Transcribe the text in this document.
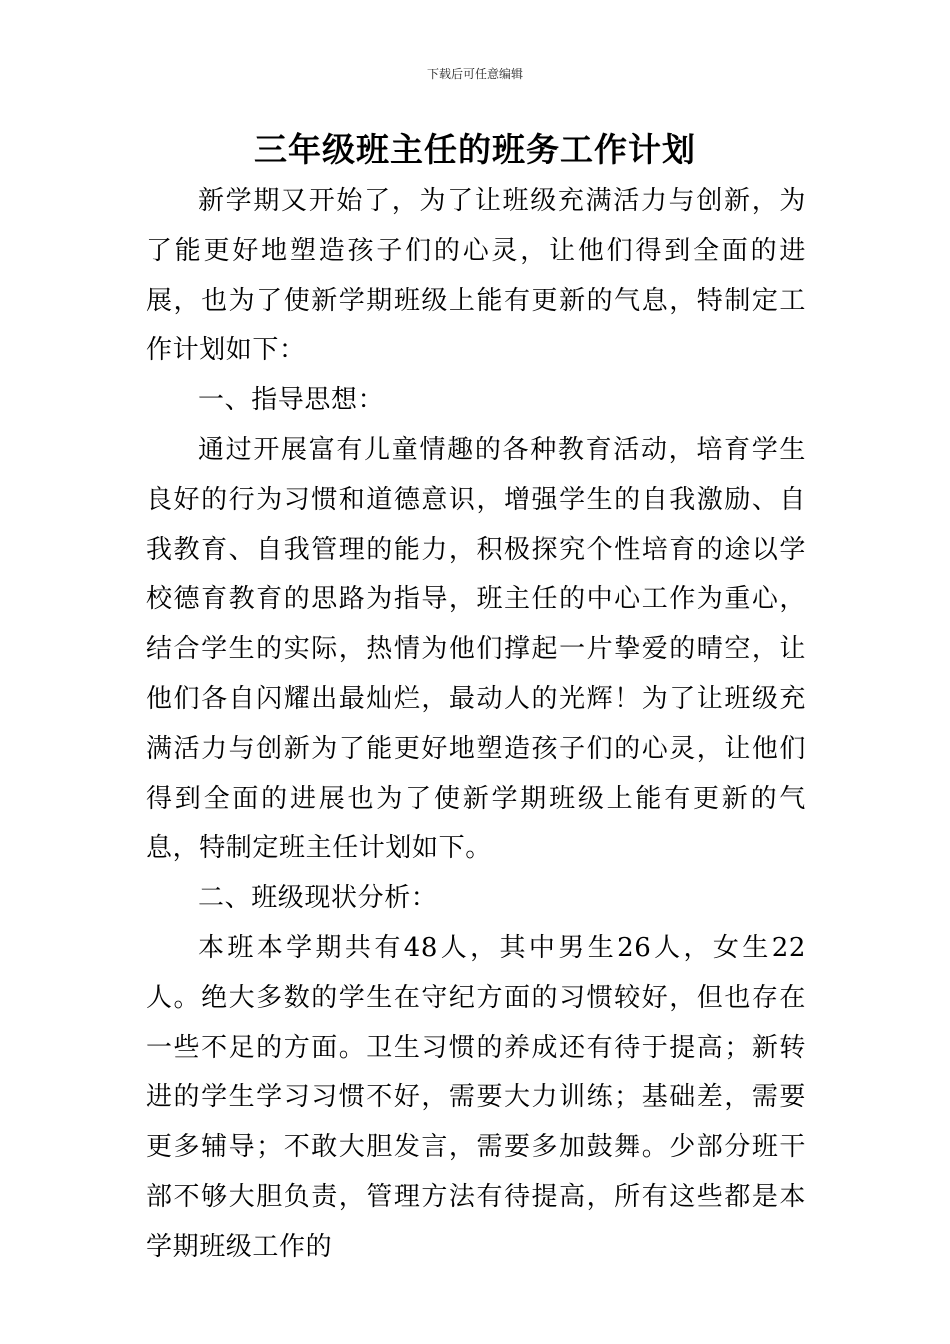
下载后可任意编辑
三年级班主任的班务工作计划

新学期又开始了，为了让班级充满活力与创新，为了能更好地塑造孩子们的心灵，让他们得到全面的进展，也为了使新学期班级上能有更新的气息，特制定工作计划如下：

一、指导思想：

通过开展富有儿童情趣的各种教育活动，培育学生良好的行为习惯和道德意识，增强学生的自我激励、自我教育、自我管理的能力，积极探究个性培育的途以学校德育教育的思路为指导，班主任的中心工作为重心，结合学生的实际，热情为他们撑起一片挚爱的晴空，让他们各自闪耀出最灿烂，最动人的光辉！为了让班级充满活力与创新为了能更好地塑造孩子们的心灵，让他们得到全面的进展也为了使新学期班级上能有更新的气息，特制定班主任计划如下。

二、班级现状分析：

本班本学期共有48人，其中男生26人，女生22人。绝大多数的学生在守纪方面的习惯较好，但也存在一些不足的方面。卫生习惯的养成还有待于提高；新转进的学生学习习惯不好，需要大力训练；基础差，需要更多辅导；不敢大胆发言，需要多加鼓舞。少部分班干部不够大胆负责，管理方法有待提高，所有这些都是本学期班级工作的
